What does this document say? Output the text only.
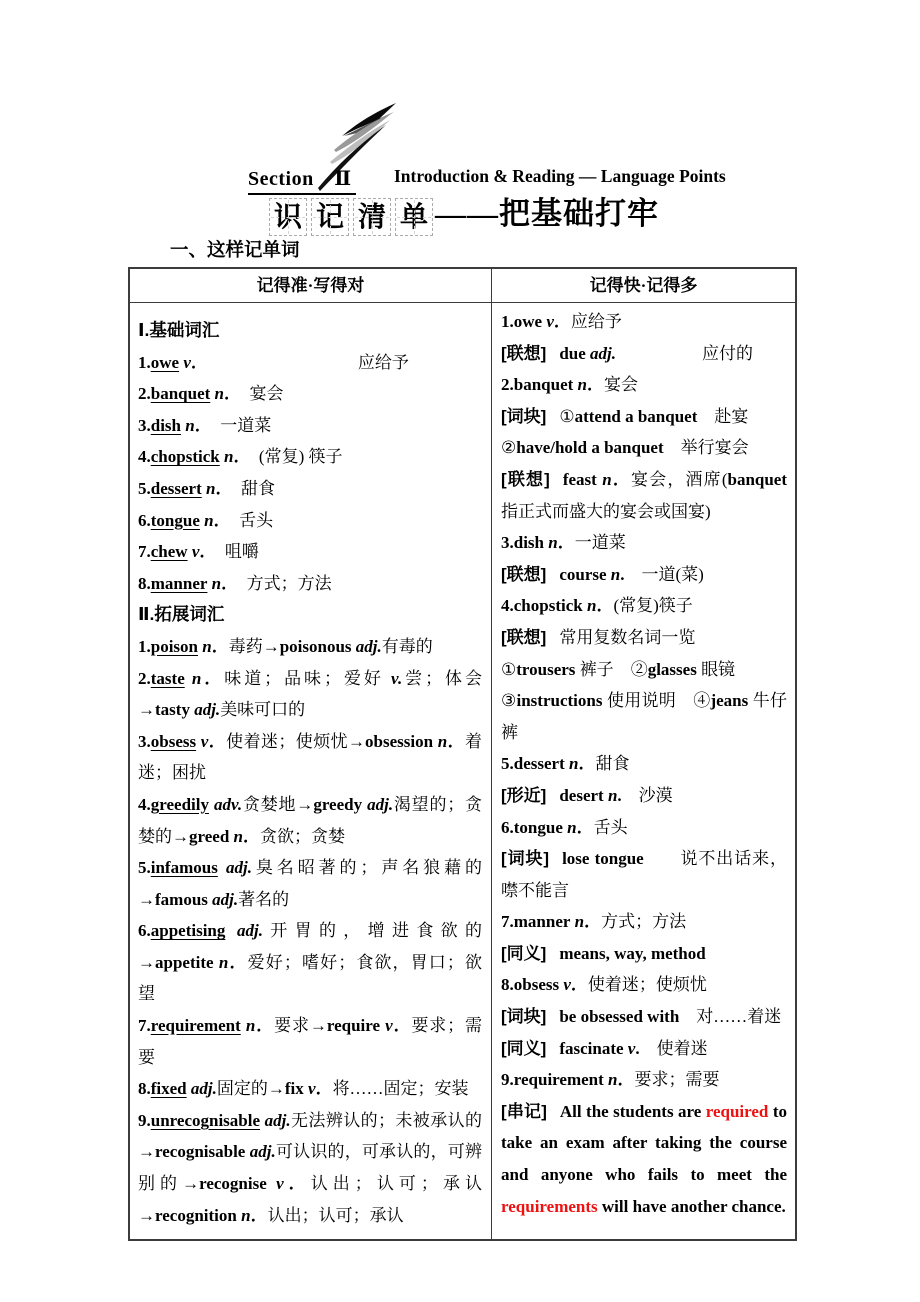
Section　Ⅱ Introduction & Reading — Language Points
识 记 清 单 ——把基础打牢
一、这样记单词
记得准·写得对	记得快·记得多

Ⅰ.基础词汇

1.owe v．	应给予

2.banquet n．　宴会

3.dish n．　一道菜

4.chopstick n．　(常复) 筷子

5.dessert n．　甜食

6.tongue n．　舌头

7.chew v．　咀嚼

8.manner n．　方式；方法

Ⅱ.拓展词汇

1.poison n．毒药→poisonous adj.有毒的

2.taste n．味道；品味；爱好 v.尝；体会→tasty adj.美味可口的

3.obsess v．使着迷；使烦忧→obsession n．着迷；困扰

4.greedily adv.贪婪地→greedy adj.渴望的；贪婪的→greed n．贪欲；贪婪

5.infamous adj.臭名昭著的；声名狼藉的→famous adj.著名的

6.appetising adj.开胃的，增进食欲的→appetite n．爱好；嗜好；食欲，胃口；欲望

7.requirement n．要求→require v．要求；需要

8.fixed adj.固定的→fix v．将……固定；安装

9.unrecognisable adj.无法辨认的；未被承认的→recognisable adj.可认识的，可承认的，可辨别的→recognise v．认出；认可；承认→recognition n．认出；认可；承认

1.owe v．应给予

[联想] due adj.	应付的

2.banquet n．宴会

[词块] ①attend a banquet　赴宴

②have/hold a banquet　举行宴会

[联想] feast n．宴会，酒席(banquet 指正式而盛大的宴会或国宴)

3.dish n．一道菜

[联想] course n.　一道(菜)

4.chopstick n．(常复)筷子

[联想] 常用复数名词一览

①trousers 裤子　②glasses 眼镜

③instructions 使用说明　④jeans 牛仔裤

5.dessert n．甜食

[形近] desert n.　沙漠

6.tongue n．舌头

[词块] lose tongue　　说不出话来，噤不能言

7.manner n．方式；方法

[同义] means, way, method

8.obsess v．使着迷；使烦忧

[词块] be obsessed with　对……着迷

[同义] fascinate v.　使着迷

9.requirement n．要求；需要

[串记] All the students are required to take an exam after taking the course and anyone who fails to meet the requirements will have another chance.
